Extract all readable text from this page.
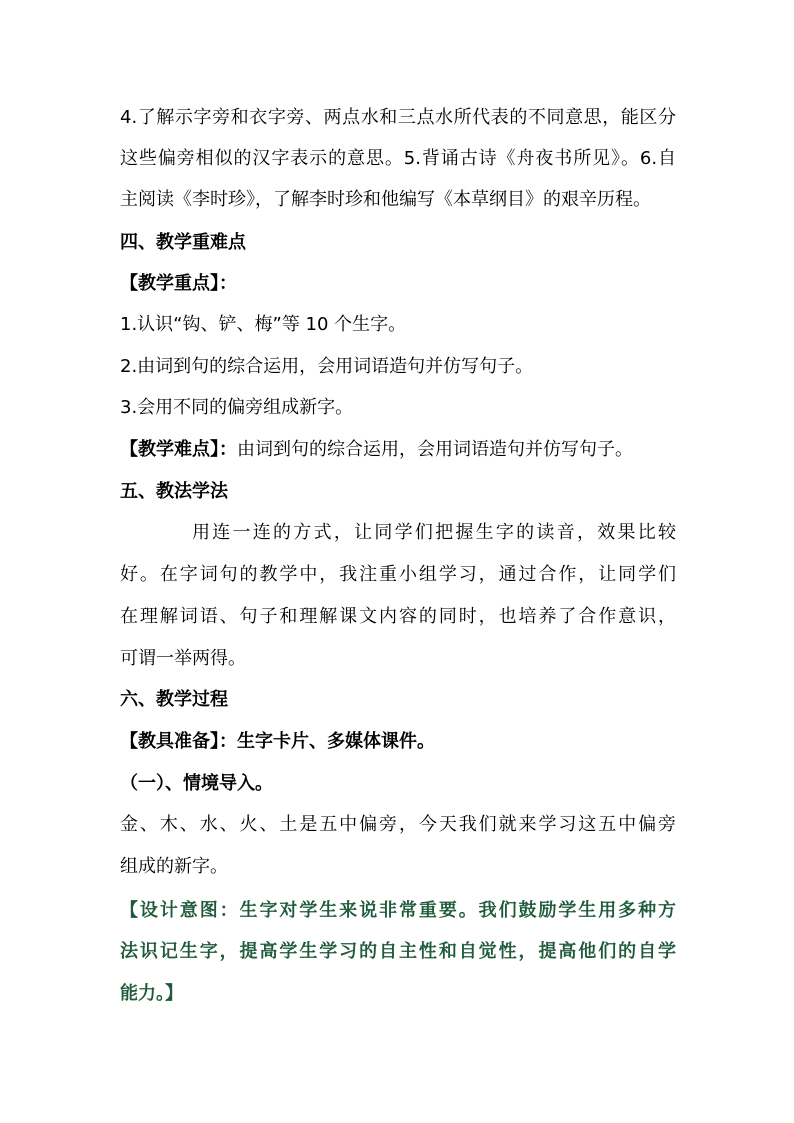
4.了解示字旁和衣字旁、两点水和三点水所代表的不同意思，能区分
这些偏旁相似的汉字表示的意思。5.背诵古诗《舟夜书所见》。6.自
主阅读《李时珍》，了解李时珍和他编写《本草纲目》的艰辛历程。
四、教学重难点
【教学重点】：
1.认识“钩、铲、梅”等 10 个生字。
2.由词到句的综合运用，会用词语造句并仿写句子。
3.会用不同的偏旁组成新字。
【教学难点】：由词到句的综合运用，会用词语造句并仿写句子。
五、教法学法
用连一连的方式，让同学们把握生字的读音，效果比较
好。在字词句的教学中，我注重小组学习，通过合作，让同学们
在理解词语、句子和理解课文内容的同时，也培养了合作意识，
可谓一举两得。
六、教学过程
【教具准备】：生字卡片、多媒体课件。
（一）、情境导入。
金、木、水、火、土是五中偏旁，今天我们就来学习这五中偏旁
组成的新字。
【设计意图：生字对学生来说非常重要。我们鼓励学生用多种方
法识记生字，提高学生学习的自主性和自觉性，提高他们的自学
能力。】
